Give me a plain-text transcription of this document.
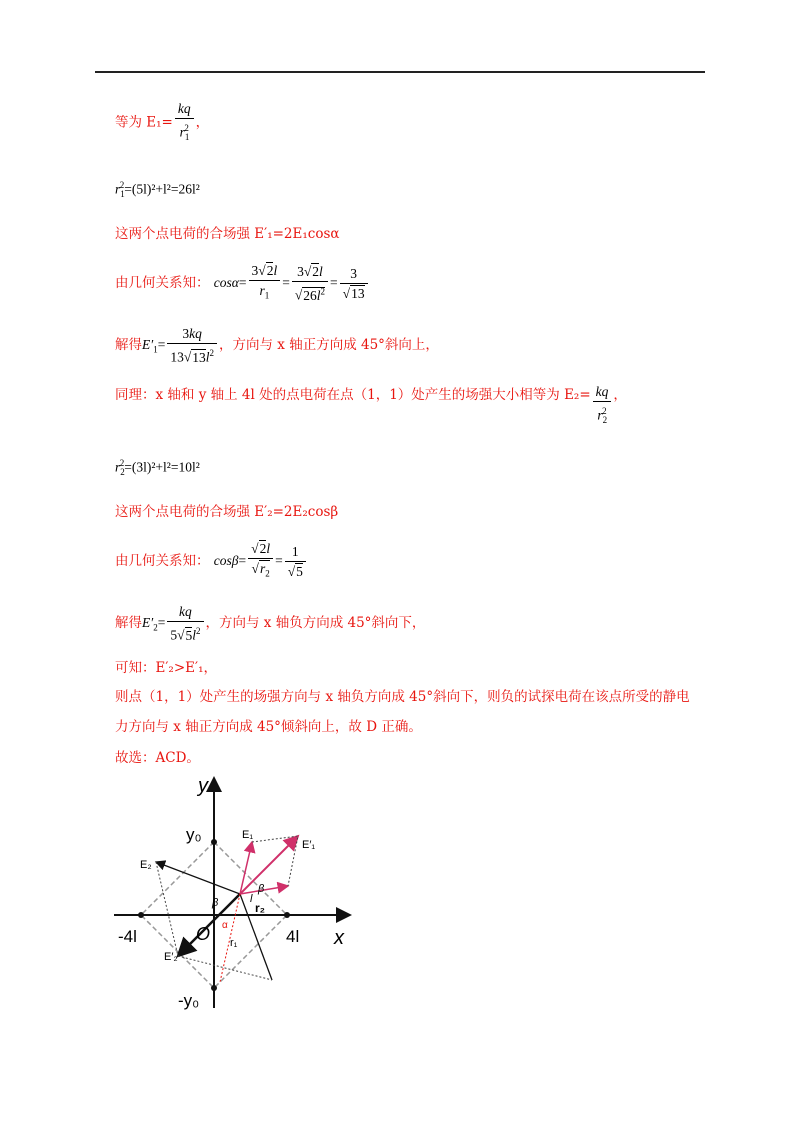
等为 $E_1= \frac{kq}{r_1^2}$ ，
$r_1^2=(5l)^2+l^2=26l^2$
这两个点电荷的合场强 E′₁=2E₁cosα
由几何关系知： $\cos\alpha= \frac{3√2l}{r_1} = \frac{3√2l}{√26l^2} = \frac{3}{√13}$
解得$E'_1= \frac{3kq}{13√13l^2}$ ，方向与 x 轴正方向成 45°斜向上，
同理：x 轴和 y 轴上 4l 处的点电荷在点（1，1）处产生的场强大小相等为 $E_2= \frac{kq}{r_2^2}$ ，
$r_2^2=(3l)^2+l^2=10l^2$
这两个点电荷的合场强 E′₂=2E₂cosβ
由几何关系知： $\cos\beta= \frac{√2l}{√r_2} = \frac{1}{√5}$
解得$E'_2= \frac{kq}{5√5l^2}$ ，方向与 x 轴负方向成 45°斜向下，
可知：E′₂>E′₁，
则点（1，1）处产生的场强方向与 x 轴负方向成 45°斜向下，则负的试探电荷在该点所受的静电
力方向与 x 轴正方向成 45°倾斜向上，故 D 正确。
故选：ACD。
y
x
y₀
-y₀
-4l	4l
O
E₁
E′₁
E₂
E′₂
r₁
r₂
α
β
β
l
